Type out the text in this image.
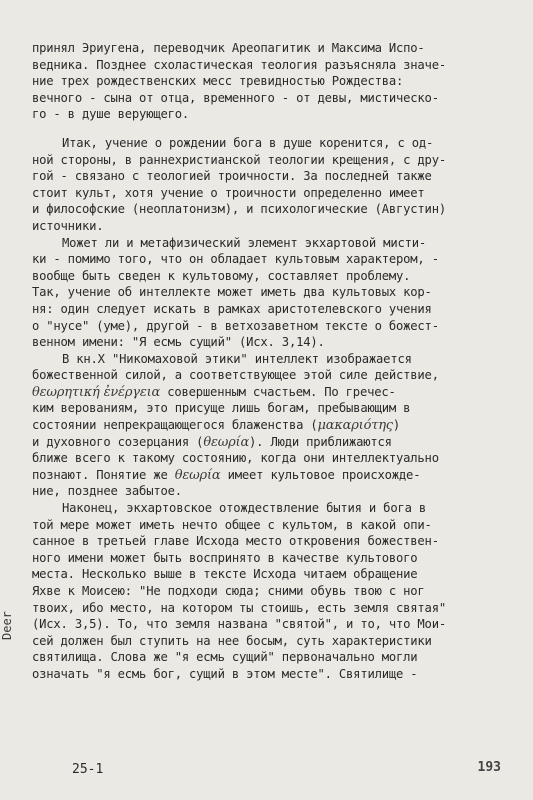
принял Эриугена, переводчик Ареопагитик и Максима Испо-
ведника. Позднее схоластическая теология разъясняла значе-
ние трех рождественских месс тревидностью Рождества:
вечного - сына от отца, временного - от девы, мистическо-
го - в душе верующего.
Итак, учение о рождении бога в душе коренится, с од-
ной стороны, в раннехристианской теологии крещения, с дру-
гой - связано с теологией троичности. За последней также
стоит культ, хотя учение о троичности определенно имеет
и философские (неоплатонизм), и психологические (Августин)
источники.
Может ли и метафизический элемент экхартовой мисти-
ки - помимо того, что он обладает культовым характером, -
вообще быть сведен к культовому, составляет проблему.
Так, учение об интеллекте может иметь два культовых кор-
ня: один следует искать в рамках аристотелевского учения
о "нусе" (уме), другой - в ветхозаветном тексте о божест-
венном имени: "Я есмь сущий" (Исх. 3,14).
В кн.X "Никомаховой этики" интеллект изображается
божественной силой, а соответствующее этой силе действие,
θεωρητική ἐνέργεια совершенным счастьем. По гречес-
ким верованиям, это присуще лишь богам, пребывающим в
состоянии непрекращающегося блаженства (μακαριότης)
и духовного созерцания (θεωρία). Люди приближаются
ближе всего к такому состоянию, когда они интеллектуально
познают. Понятие же θεωρία имеет культовое происхожде-
ние, позднее забытое.
Наконец, экхартовское отождествление бытия и бога в
той мере может иметь нечто общее с культом, в какой опи-
санное в третьей главе Исхода место откровения божествен-
ного имени может быть воспринято в качестве культового
места. Несколько выше в тексте Исхода читаем обращение
Яхве к Моисею: "Не подходи сюда; сними обувь твою с ног
твоих, ибо место, на котором ты стоишь, есть земля святая"
(Исх. 3,5). То, что земля названа "святой", и то, что Мои-
сей должен был ступить на нее босым, суть характеристики
святилища. Слова же "я есмь сущий" первоначально могли
означать "я есмь бог, сущий в этом месте". Святилище -
Deer
25-1	193
